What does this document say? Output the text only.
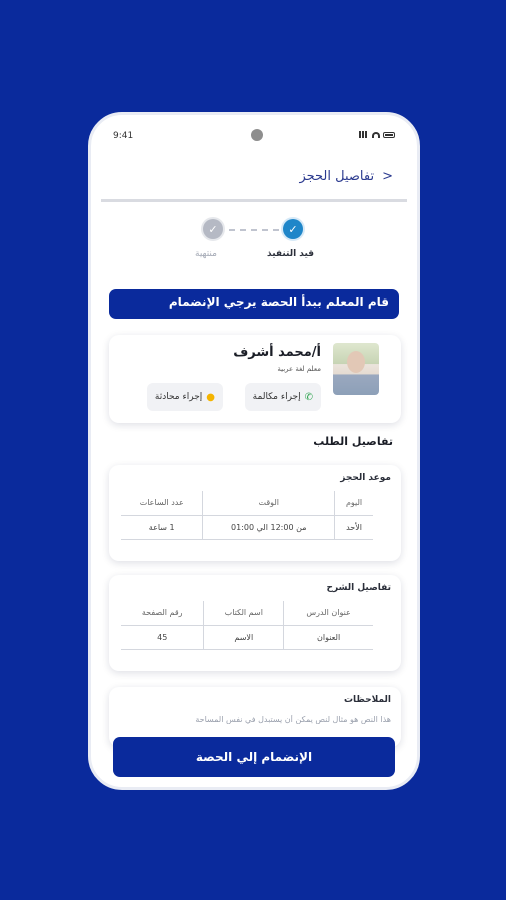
9:41
<
تفاصيل الحجز
✓	✓
منتهية	قيد التنفيذ
قام المعلم ببدأ الحصة يرجي الإنضمام
أ/محمد أشرف
معلم لغة عربية
✆
إجراء مكالمة
●
إجراء محادثة
تفاصيل الطلب
موعد الحجز
اليوم	الوقت	عدد الساعات
الأحد	من 12:00 الي 01:00	1 ساعة
تفاصيل الشرح
عنوان الدرس	اسم الكتاب	رقم الصفحة
العنوان	الاسم	45
الملاحظات
هذا النص هو مثال لنص يمكن أن يستبدل في نفس المساحة
الإنضمام إلي الحصة
